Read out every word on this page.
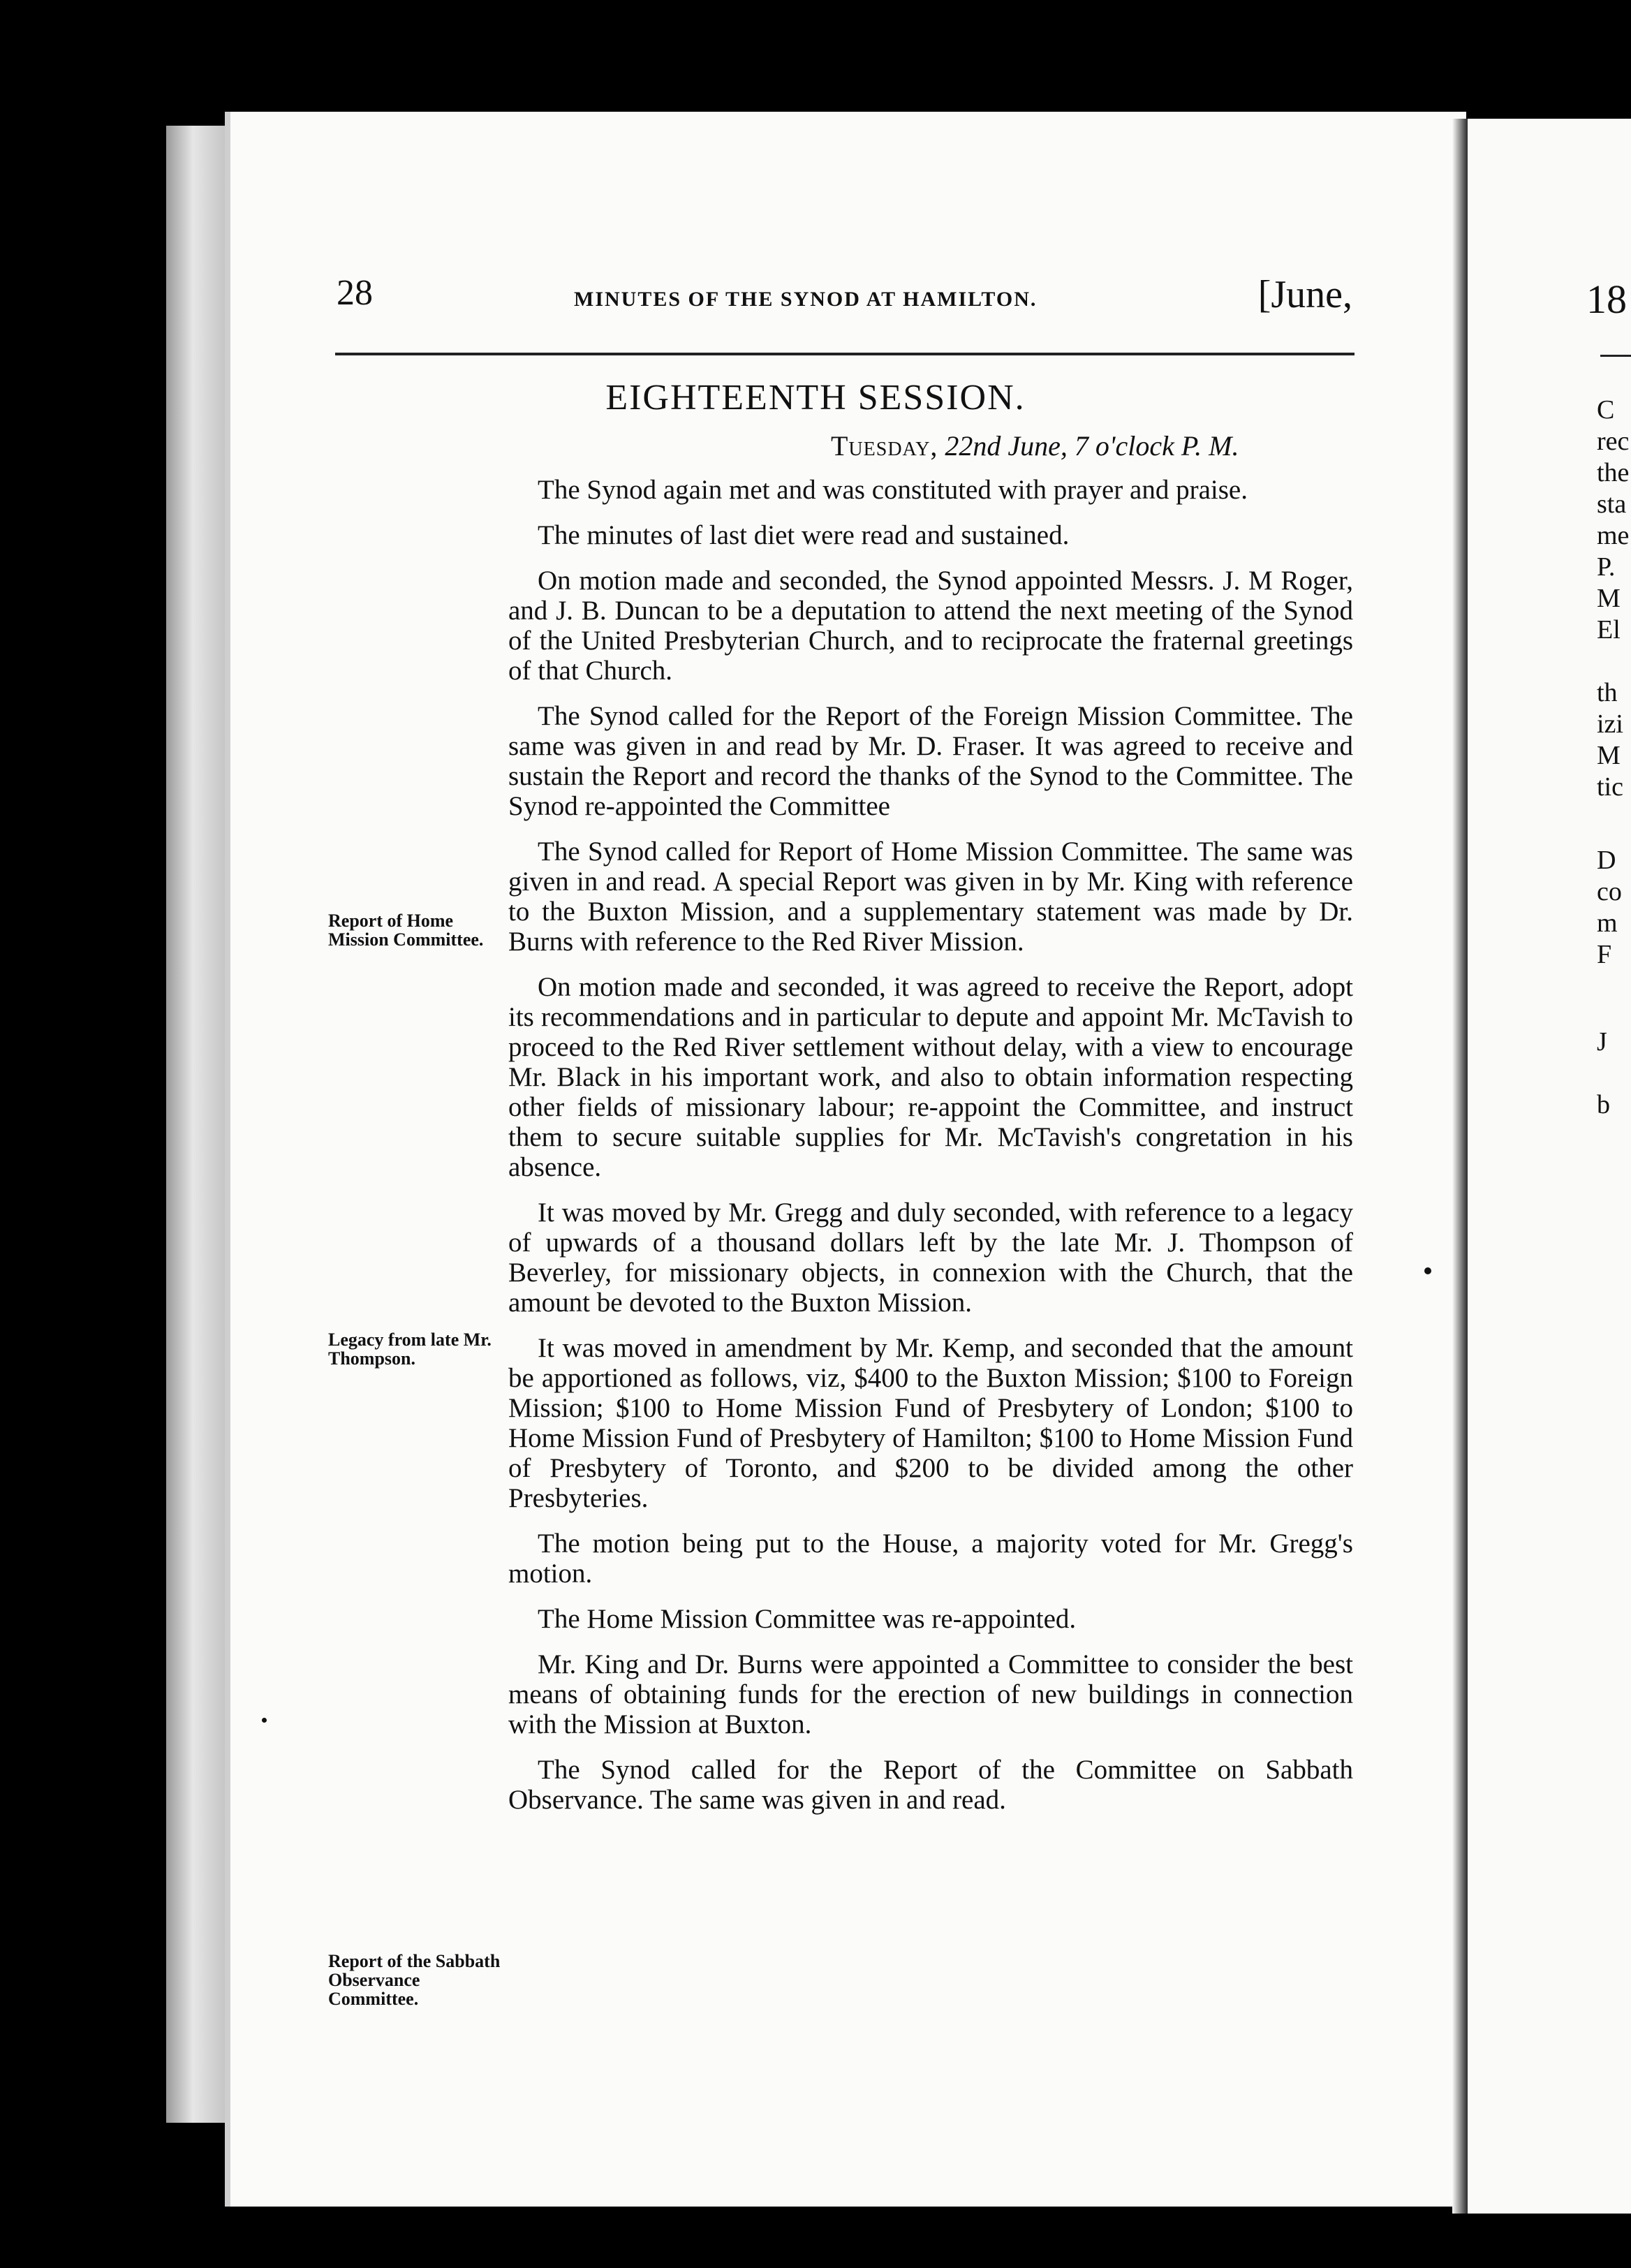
18
C
rec
the
sta
me
P.
M
El
th
izi
M
tic
D
co
m
F
J
b
28	MINUTES OF THE SYNOD AT HAMILTON.	[June,
EIGHTEENTH SESSION.
Tuesday, 22nd June, 7 o'clock P. M.

The Synod again met and was constituted with prayer and praise.

The minutes of last diet were read and sustained.

On motion made and seconded, the Synod appointed Messrs. J. M Roger, and J. B. Duncan to be a deputation to attend the next meeting of the Synod of the United Presbyterian Church, and to reciprocate the fraternal greetings of that Church.

The Synod called for the Report of the Foreign Mission Committee. The same was given in and read by Mr. D. Fraser. It was agreed to receive and sustain the Report and record the thanks of the Synod to the Committee. The Synod re-appointed the Committee

The Synod called for Report of Home Mission Committee. The same was given in and read. A special Report was given in by Mr. King with reference to the Buxton Mission, and a supplementary statement was made by Dr. Burns with reference to the Red River Mission.

On motion made and seconded, it was agreed to receive the Report, adopt its recommendations and in particular to depute and appoint Mr. McTavish to proceed to the Red River settlement without delay, with a view to encourage Mr. Black in his important work, and also to obtain information respecting other fields of missionary labour; re-appoint the Committee, and instruct them to secure suitable supplies for Mr. McTavish's congretation in his absence.

It was moved by Mr. Gregg and duly seconded, with reference to a legacy of upwards of a thousand dollars left by the late Mr. J. Thompson of Beverley, for missionary objects, in connexion with the Church, that the amount be devoted to the Buxton Mission.

It was moved in amendment by Mr. Kemp, and seconded that the amount be apportioned as follows, viz, $400 to the Buxton Mission; $100 to Foreign Mission; $100 to Home Mission Fund of Presbytery of London; $100 to Home Mission Fund of Presbytery of Hamilton; $100 to Home Mission Fund of Presbytery of Toronto, and $200 to be divided among the other Presbyteries.

The motion being put to the House, a majority voted for Mr. Gregg's motion.

The Home Mission Committee was re-appointed.

Mr. King and Dr. Burns were appointed a Committee to consider the best means of obtaining funds for the erection of new buildings in connection with the Mission at Buxton.

The Synod called for the Report of the Committee on Sabbath Observance. The same was given in and read.

Report of Home Mission Committee.
Legacy from late Mr. Thompson.
Report of the Sabbath Observance Committee.
